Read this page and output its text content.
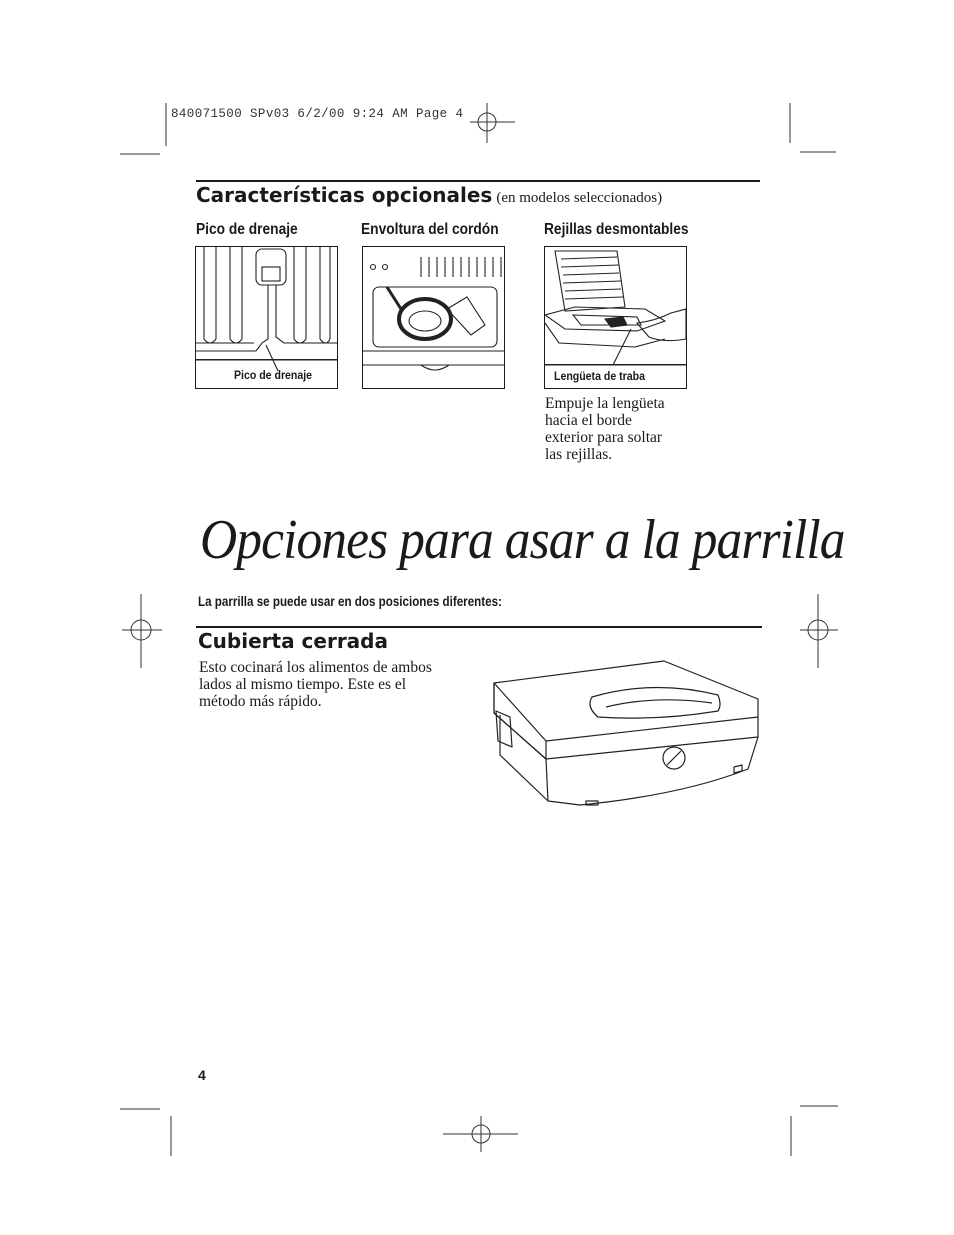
840071500 SPv03 6/2/00 9:24 AM Page 4
Características opcionales (en modelos seleccionados)
Pico de drenaje	Envoltura del cordón	Rejillas desmontables
Pico de drenaje	Lengüeta de traba
Empuje la lengüeta
hacia el borde
exterior para soltar
las rejillas.
Opciones para asar a la parrilla
La parrilla se puede usar en dos posiciones diferentes:
Cubierta cerrada
Esto cocinará los alimentos de ambos
lados al mismo tiempo. Este es el
método más rápido.
4
